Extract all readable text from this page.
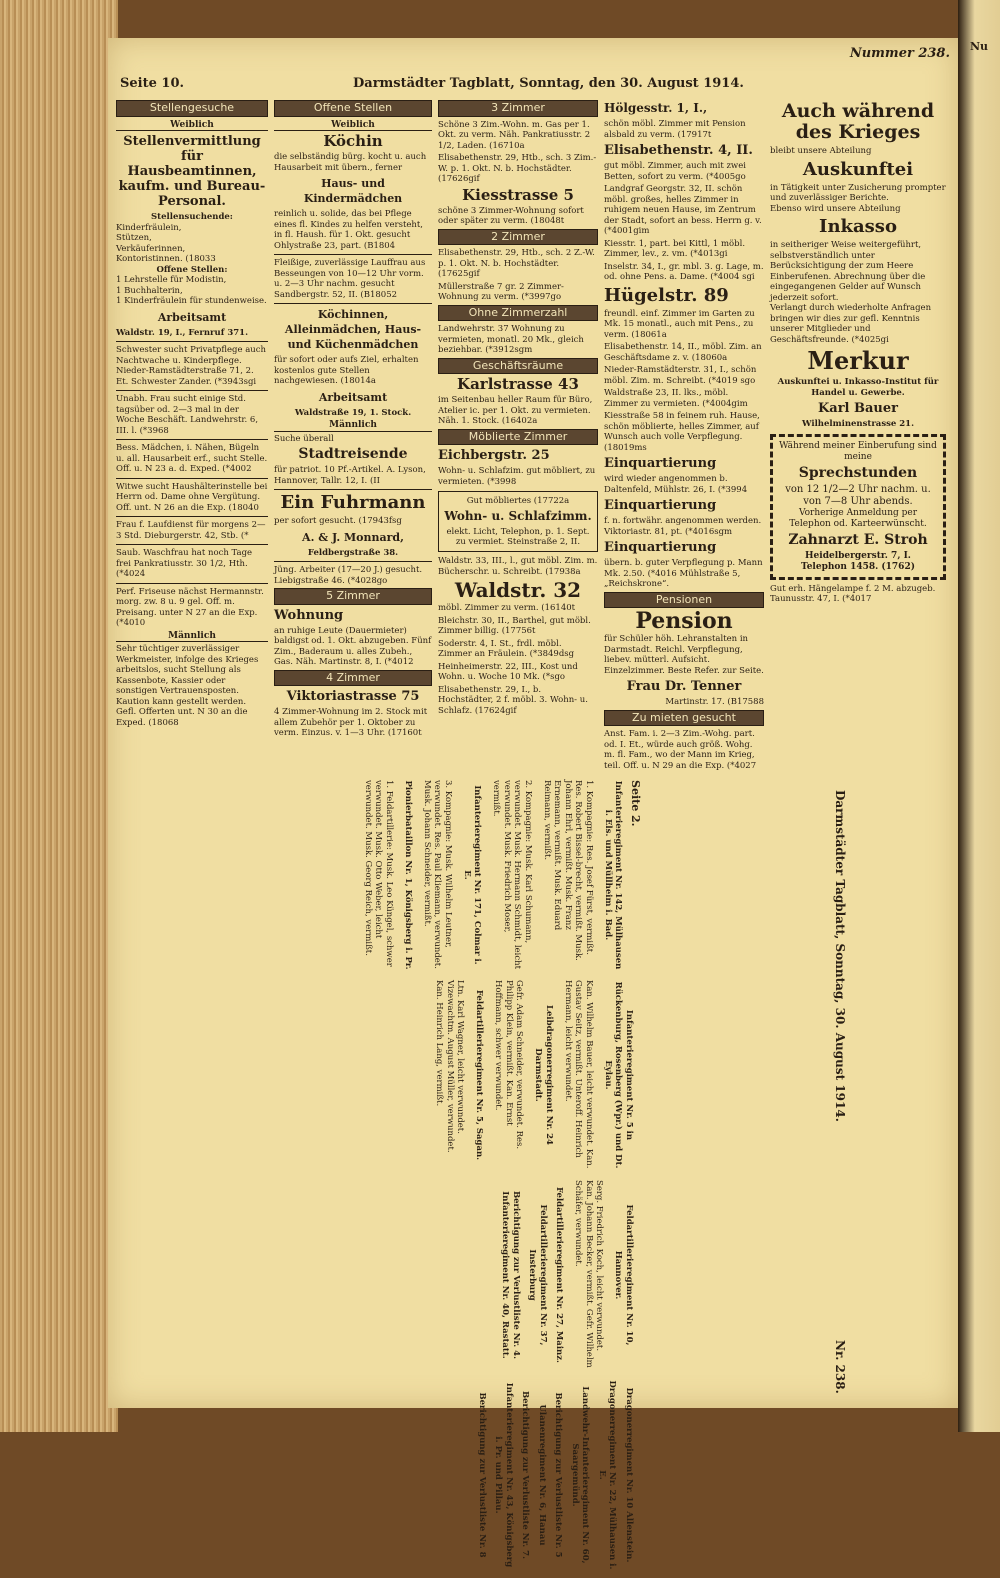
Nu
Seite 10.	Darmstädter Tagblatt, Sonntag, den 30. August 1914.
Nummer 238.
Stellengesuche
Weiblich
Stellenvermittlung für Hausbeamtinnen, kaufm. und Bureau-Personal.
Stellensuchende:
Kinderfräulein,
Stützen,
Verkäuferinnen,
Kontoristinnen. (18033
Offene Stellen:
1 Lehrstelle für Modistin,
1 Buchhalterin,
1 Kinderfräulein für stundenweise.
Arbeitsamt
Waldstr. 19, I., Fernruf 371.

Schwester sucht Privatpflege auch Nachtwache u. Kinderpflege. Nieder-Ramstädterstraße 71, 2. Et. Schwester Zander. (*3943sgi

Unabh. Frau sucht einige Std. tagsüber od. 2—3 mal in der Woche Beschäft. Landwehrstr. 6, III. l. (*3968

Bess. Mädchen, i. Nähen, Bügeln u. all. Hausarbeit erf., sucht Stelle. Off. u. N 23 a. d. Exped. (*4002

Witwe sucht Haushälterinstelle bei Herrn od. Dame ohne Vergütung. Off. unt. N 26 an die Exp. (18040

Frau f. Laufdienst für morgens 2—3 Std. Dieburgerstr. 42, Stb. (*

Saub. Waschfrau hat noch Tage frei Pankratiusstr. 30 1/2, Hth. (*4024

Perf. Friseuse nächst Hermannstr. morg. zw. 8 u. 9 gel. Off. m. Preisang. unter N 27 an die Exp. (*4010

Männlich

Sehr tüchtiger zuverlässiger Werkmeister, infolge des Krieges arbeitslos, sucht Stellung als Kassenbote, Kassier oder sonstigen Vertrauensposten. Kaution kann gestellt werden. Gefl. Offerten unt. N 30 an die Exped. (18068

Offene Stellen
Weiblich
Köchin

die selbständig bürg. kocht u. auch Hausarbeit mit übern., ferner

Haus- und Kindermädchen

reinlich u. solide, das bei Pflege eines fl. Kindes zu helfen versteht, in fl. Haush. für 1. Okt. gesucht Ohlystraße 23, part. (B1804

Fleißige, zuverlässige Lauffrau aus Besseungen von 10—12 Uhr vorm. u. 2—3 Uhr nachm. gesucht Sandbergstr. 52, II. (B18052

Köchinnen, Alleinmädchen, Haus- und Küchenmädchen

für sofort oder aufs Ziel, erhalten kostenlos gute Stellen nachgewiesen. (18014a

Arbeitsamt
Waldstraße 19, 1. Stock.
Männlich
Suche überall
Stadtreisende

für patriot. 10 Pf.-Artikel. A. Lyson, Hannover, Tallr. 12, I. (II

Ein Fuhrmann

per sofort gesucht. (17943fsg

A. & J. Monnard,
Feldbergstraße 38.

Jüng. Arbeiter (17—20 J.) gesucht. Liebigstraße 46. (*4028go

5 Zimmer
Wohnung

an ruhige Leute (Dauermieter) baldigst od. 1. Okt. abzugeben. Fünf Zim., Baderaum u. alles Zubeh., Gas. Näh. Martinstr. 8, I. (*4012

4 Zimmer
Viktoriastrasse 75

4 Zimmer-Wohnung im 2. Stock mit allem Zubehör per 1. Oktober zu verm. Einzus. v. 1—3 Uhr. (17160t

3 Zimmer

Schöne 3 Zim.-Wohn. m. Gas per 1. Okt. zu verm. Näh. Pankratiusstr. 2 1/2, Laden. (16710a

Elisabethenstr. 29, Htb., sch. 3 Zim.-W. p. 1. Okt. N. b. Hochstädter. (17626gif

Kiesstrasse 5

schöne 3 Zimmer-Wohnung sofort oder später zu verm. (18048t

2 Zimmer

Elisabethenstr. 29, Htb., sch. 2 Z.-W. p. 1. Okt. N. b. Hochstädter. (17625gif

Müllerstraße 7 gr. 2 Zimmer-Wohnung zu verm. (*3997go

Ohne Zimmerzahl

Landwehrstr. 37 Wohnung zu vermieten, monatl. 20 Mk., gleich beziehbar. (*3912sgm

Geschäftsräume
Karlstrasse 43

im Seitenbau heller Raum für Büro, Atelier ic. per 1. Okt. zu vermieten. Näh. 1. Stock. (16402a

Möblierte Zimmer
Eichbergstr. 25

Wohn- u. Schlafzim. gut möbliert, zu vermieten. (*3998

Gut möbliertes (17722a
Wohn- u. Schlafzimm.
elekt. Licht, Telephon, p. 1. Sept. zu vermiet. Steinstraße 2, II.

Waldstr. 33, III., l., gut möbl. Zim. m. Bücherschr. u. Schreibt. (17938a

Waldstr. 32

möbl. Zimmer zu verm. (16140t

Bleichstr. 30, II., Barthel, gut möbl. Zimmer billig. (17756t

Soderstr. 4, I. St., frdl. möbl. Zimmer an Fräulein. (*3849dsg

Heinheimerstr. 22, III., Kost und Wohn. u. Woche 10 Mk. (*sgo

Elisabethenstr. 29, I., b. Hochstädter, 2 f. möbl. 3. Wohn- u. Schlafz. (17624gif

Hölgesstr. 1, I.,

schön möbl. Zimmer mit Pension alsbald zu verm. (17917t

Elisabethenstr. 4, II.

gut möbl. Zimmer, auch mit zwei Betten, sofort zu verm. (*4005go

Landgraf Georgstr. 32, II. schön möbl. großes, helles Zimmer in ruhigem neuen Hause, im Zentrum der Stadt, sofort an bess. Herrn g. v. (*4001gim

Kiesstr. 1, part. bei Kittl, 1 möbl. Zimmer, lev., z. vm. (*4013gi

Inselstr. 34, I., gr. mbl. 3. g. Lage, m. od. ohne Pens. a. Dame. (*4004 sgi

Hügelstr. 89

freundl. einf. Zimmer im Garten zu Mk. 15 monatl., auch mit Pens., zu verm. (18061a

Elisabethenstr. 14, II., möbl. Zim. an Geschäftsdame z. v. (18060a

Nieder-Ramstädterstr. 31, I., schön möbl. Zim. m. Schreibt. (*4019 sgo

Waldstraße 23, II. lks., möbl. Zimmer zu vermieten. (*4004gim

Kiesstraße 58 in feinem ruh. Hause, schön möblierte, helles Zimmer, auf Wunsch auch volle Verpflegung. (18019ms

Einquartierung

wird wieder angenommen b. Daltenfeld, Mühlstr. 26, I. (*3994

Einquartierung

f. n. fortwähr. angenommen werden. Viktoriastr. 81, pt. (*4016sgm

Einquartierung

übern. b. guter Verpflegung p. Mann Mk. 2.50. (*4016 Mühlstraße 5, „Reichskrone“.

Pensionen
Pension

für Schüler höh. Lehranstalten in Darmstadt. Reichl. Verpflegung, liebev. mütterl. Aufsicht. Einzelzimmer. Beste Refer. zur Seite.

Frau Dr. Tenner
Martinstr. 17. (B17588
Zu mieten gesucht

Anst. Fam. i. 2—3 Zim.-Wohg. part. od. I. Et., würde auch größ. Wohg. m. fl. Fam., wo der Mann im Krieg, teil. Off. u. N 29 an die Exp. (*4027

Auch während des Krieges
bleibt unsere Abteilung
Auskunftei
in Tätigkeit unter Zusicherung prompter und zuverlässiger Berichte.
Ebenso wird unsere Abteilung
Inkasso
in seitheriger Weise weitergeführt, selbstverständlich unter Berücksichtigung der zum Heere Einberufenen. Abrechnung über die eingegangenen Gelder auf Wunsch jederzeit sofort.
Verlangt durch wiederholte Anfragen bringen wir dies zur gefl. Kenntnis unserer Mitglieder und Geschäftsfreunde. (*4025gi
Merkur
Auskunftei u. Inkasso-Institut für Handel u. Gewerbe.
Karl Bauer
Wilhelminenstrasse 21.
Während meiner Einberufung sind meine
Sprechstunden
von 12 1/2—2 Uhr nachm. u. von 7—8 Uhr abends.
Vorherige Anmeldung per Telephon od. Karteerwünscht.
Zahnarzt E. Stroh
Heidelbergerstr. 7, I.
Telephon 1458. (1762)

Gut erh. Hängelampe f. 2 M. abzugeb. Taunusstr. 47, I. (*4017

Seite 2.
Infanterieregiment Nr. 142, Mülhausen i. Els. und Müllheim i. Bad.

1. Kompagnie: Res. Josef Fürst, vermißt. Res. Robert Bissel-brecht, vermißt. Musk. Johann Ehrl, vermißt. Musk. Franz Ernemann, vermißt. Musk. Eduard Reimann, vermißt.

2. Kompagnie: Musk. Karl Schumann, verwundet. Musk. Hermann Schmidt, leicht verwundet. Musk. Friedrich Moser, vermißt.

Infanterieregiment Nr. 171, Colmar i. E.

3. Kompagnie: Musk. Wilhelm Leutner, verwundet. Res. Paul Kliemann, verwundet. Musk. Johann Schneider, vermißt.

Pionierbataillon Nr. 1, Königsberg i. Pr.

1. Feldartillerie: Musk. Leo Küngel, schwer verwundet. Musk. Otto Weber, leicht verwundet. Musk. Georg Reich, vermißt.

Infanterieregiment Nr. 5 in Rückenburg, Rosenberg (Wpr.) und Dt. Eylau.

Kan. Wilhelm Bauer, leicht verwundet. Kan. Gustav Seitz, vermißt. Unteroff. Heinrich Hermann, leicht verwundet.

Leibdragonerregiment Nr. 24 Darmstadt.

Gefr. Adam Schneider, verwundet. Res. Philipp Klein, vermißt. Kan. Ernst Hoffmann, schwer verwundet.

Feldartillerieregiment Nr. 5, Sagan.

Ltn. Karl Wagner, leicht verwundet. Vizewachtm. August Müller, verwundet. Kan. Heinrich Lang, vermißt.

Feldartillerieregiment Nr. 10, Hannover.

Serg. Friedrich Koch, leicht verwundet. Kan. Johann Becker, vermißt. Gefr. Wilhelm Schäfer, verwundet.

Feldartillerieregiment Nr. 27, Mainz.
Feldartillerieregiment Nr. 37, Insterburg
Berichtigung zur Verlustliste Nr. 4. Infanterieregiment Nr. 40, Rastatt.
Dragonerregiment Nr. 10 Allenstein.
Dragonerregiment Nr. 22, Mülhausen i. E.
Landwehr-Infanterieregiment Nr. 60, Saargemünd.
Berichtigung zur Verlustliste Nr. 5
Ulanenregiment Nr. 6, Hanau
Berichtigung zur Verlustliste Nr. 7.
Infanterieregiment Nr. 43, Königsberg i. Pr. und Pillau.
Berichtigung zur Verlustliste Nr. 8
Darmstädter Tagblatt, Sonntag, 30. August 1914.
Nr. 238.
